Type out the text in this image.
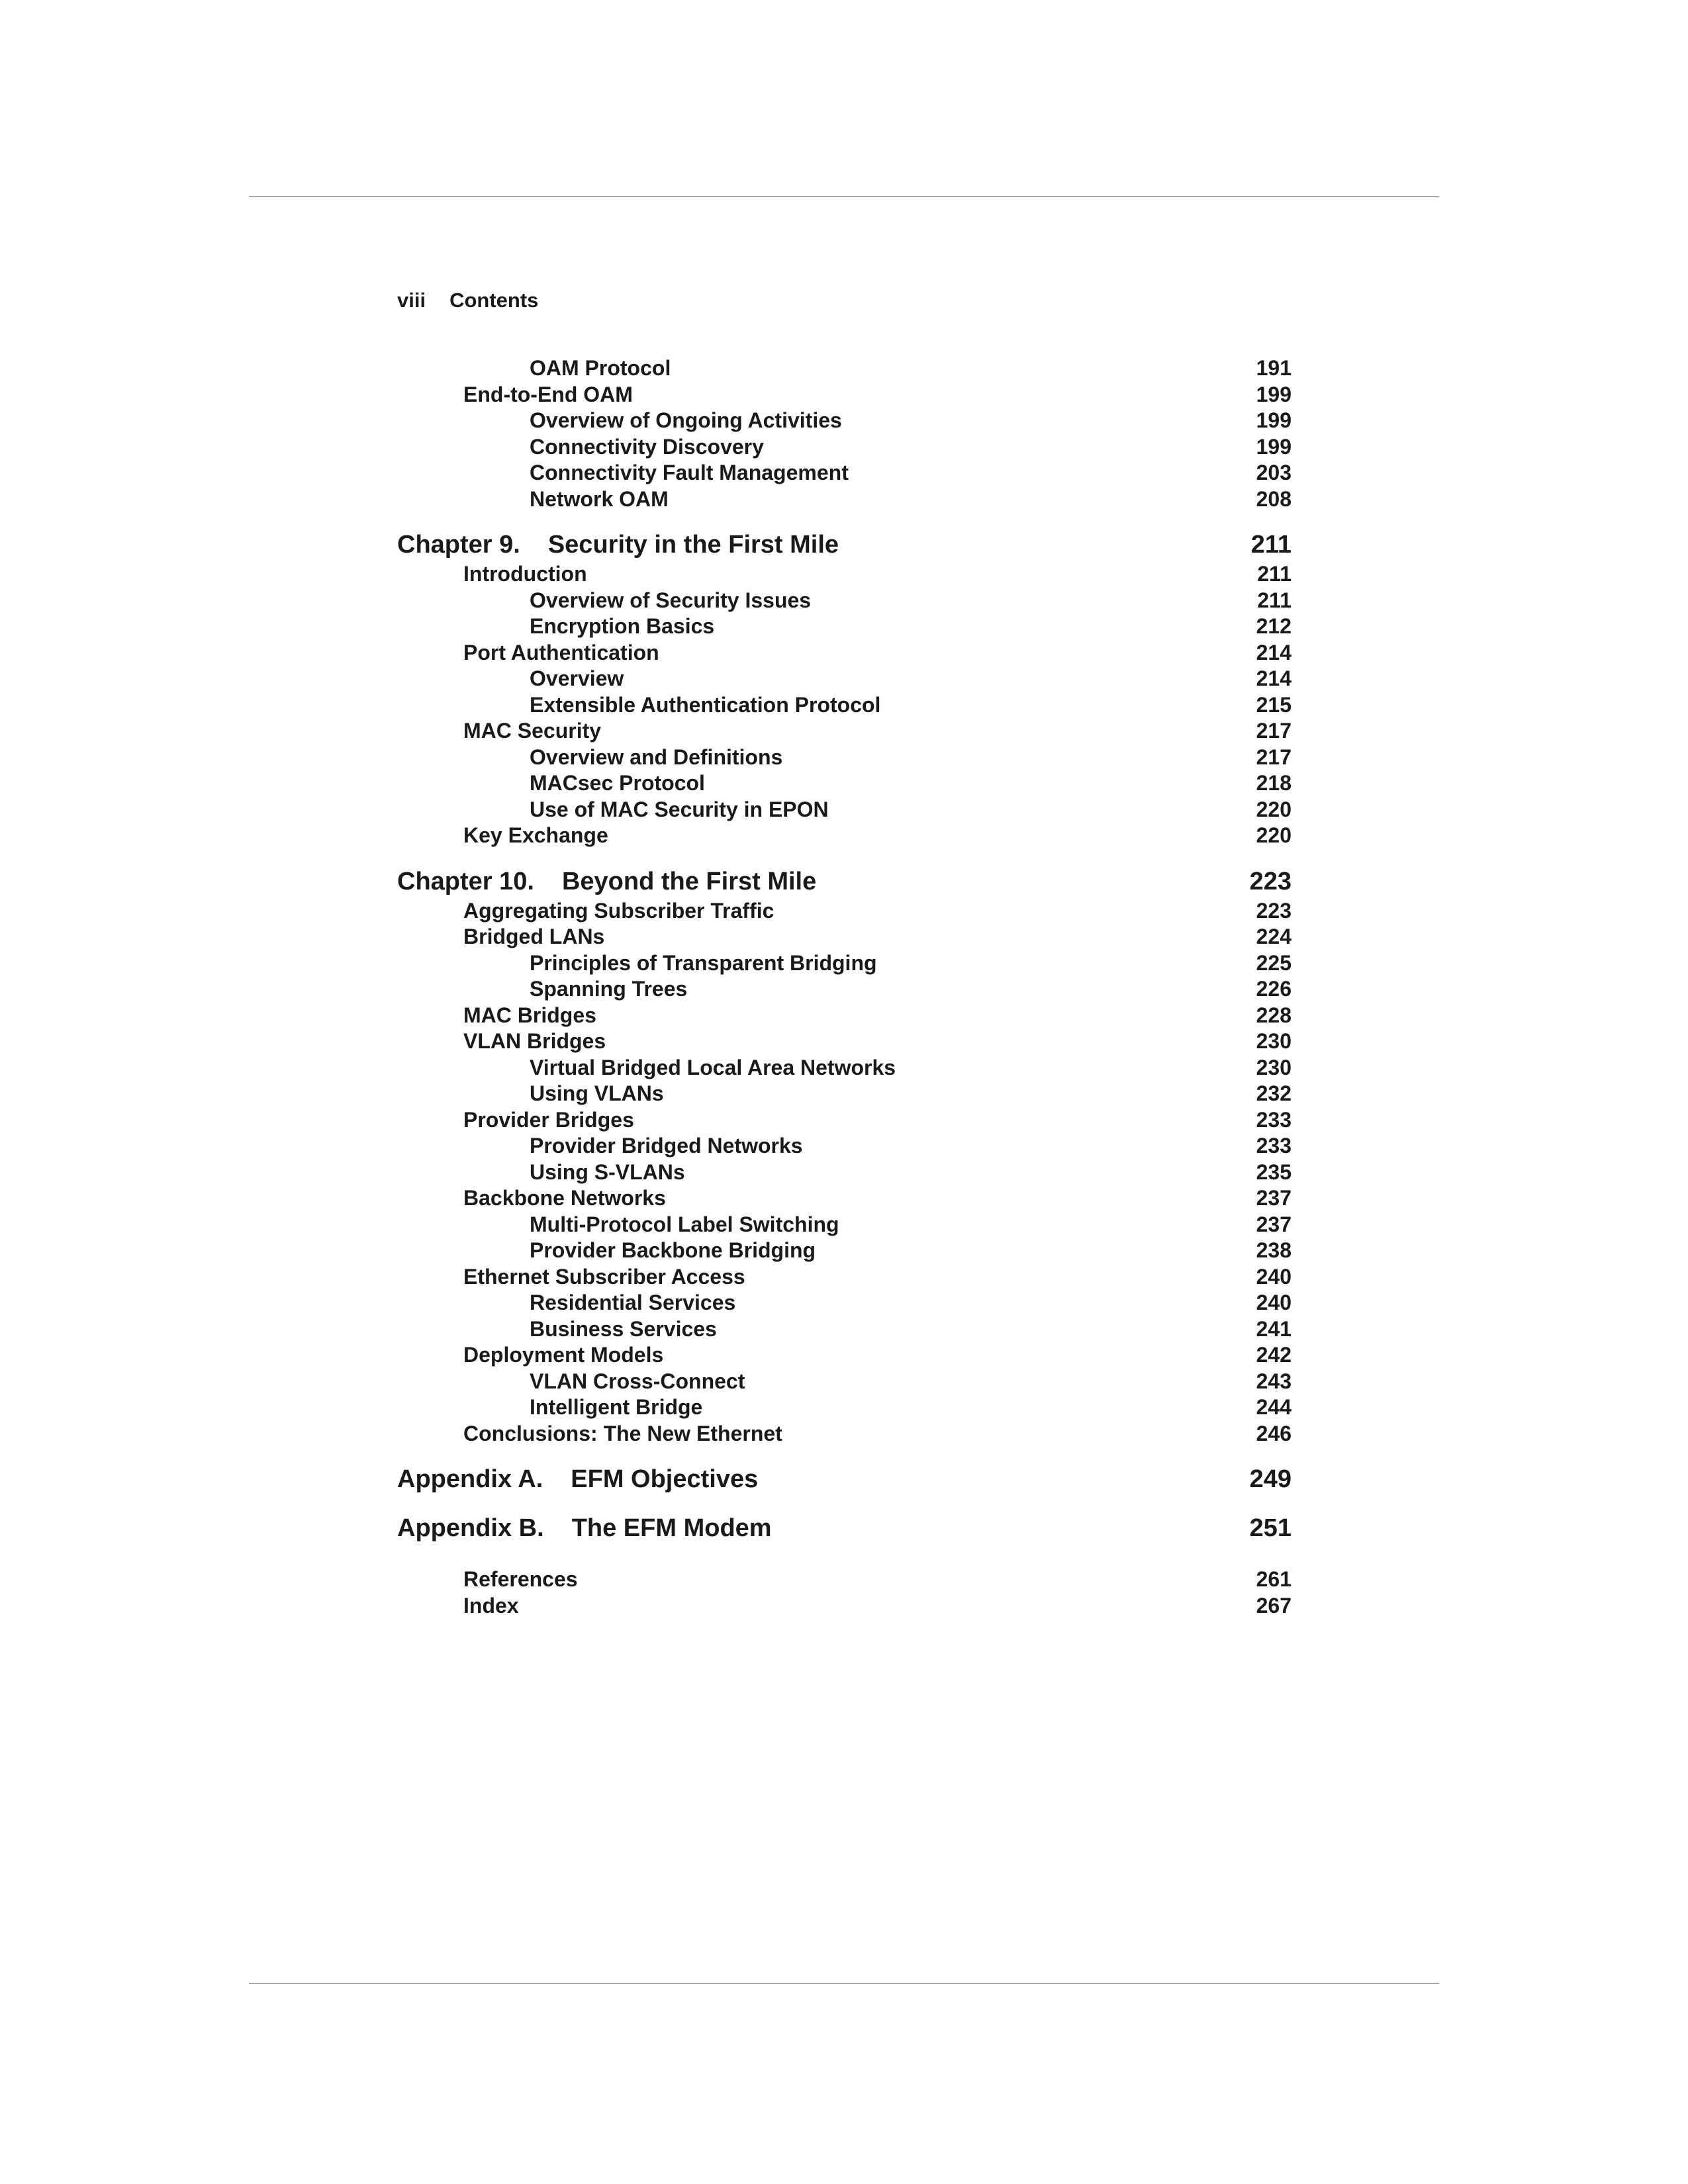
viii Contents
OAM Protocol	191
End-to-End OAM	199
Overview of Ongoing Activities	199
Connectivity Discovery	199
Connectivity Fault Management	203
Network OAM	208
Chapter 9. Security in the First Mile	211
Introduction	211
Overview of Security Issues	211
Encryption Basics	212
Port Authentication	214
Overview	214
Extensible Authentication Protocol	215
MAC Security	217
Overview and Definitions	217
MACsec Protocol	218
Use of MAC Security in EPON	220
Key Exchange	220
Chapter 10. Beyond the First Mile	223
Aggregating Subscriber Traffic	223
Bridged LANs	224
Principles of Transparent Bridging	225
Spanning Trees	226
MAC Bridges	228
VLAN Bridges	230
Virtual Bridged Local Area Networks	230
Using VLANs	232
Provider Bridges	233
Provider Bridged Networks	233
Using S-VLANs	235
Backbone Networks	237
Multi-Protocol Label Switching	237
Provider Backbone Bridging	238
Ethernet Subscriber Access	240
Residential Services	240
Business Services	241
Deployment Models	242
VLAN Cross-Connect	243
Intelligent Bridge	244
Conclusions: The New Ethernet	246
Appendix A. EFM Objectives	249
Appendix B. The EFM Modem	251
References	261
Index	267
